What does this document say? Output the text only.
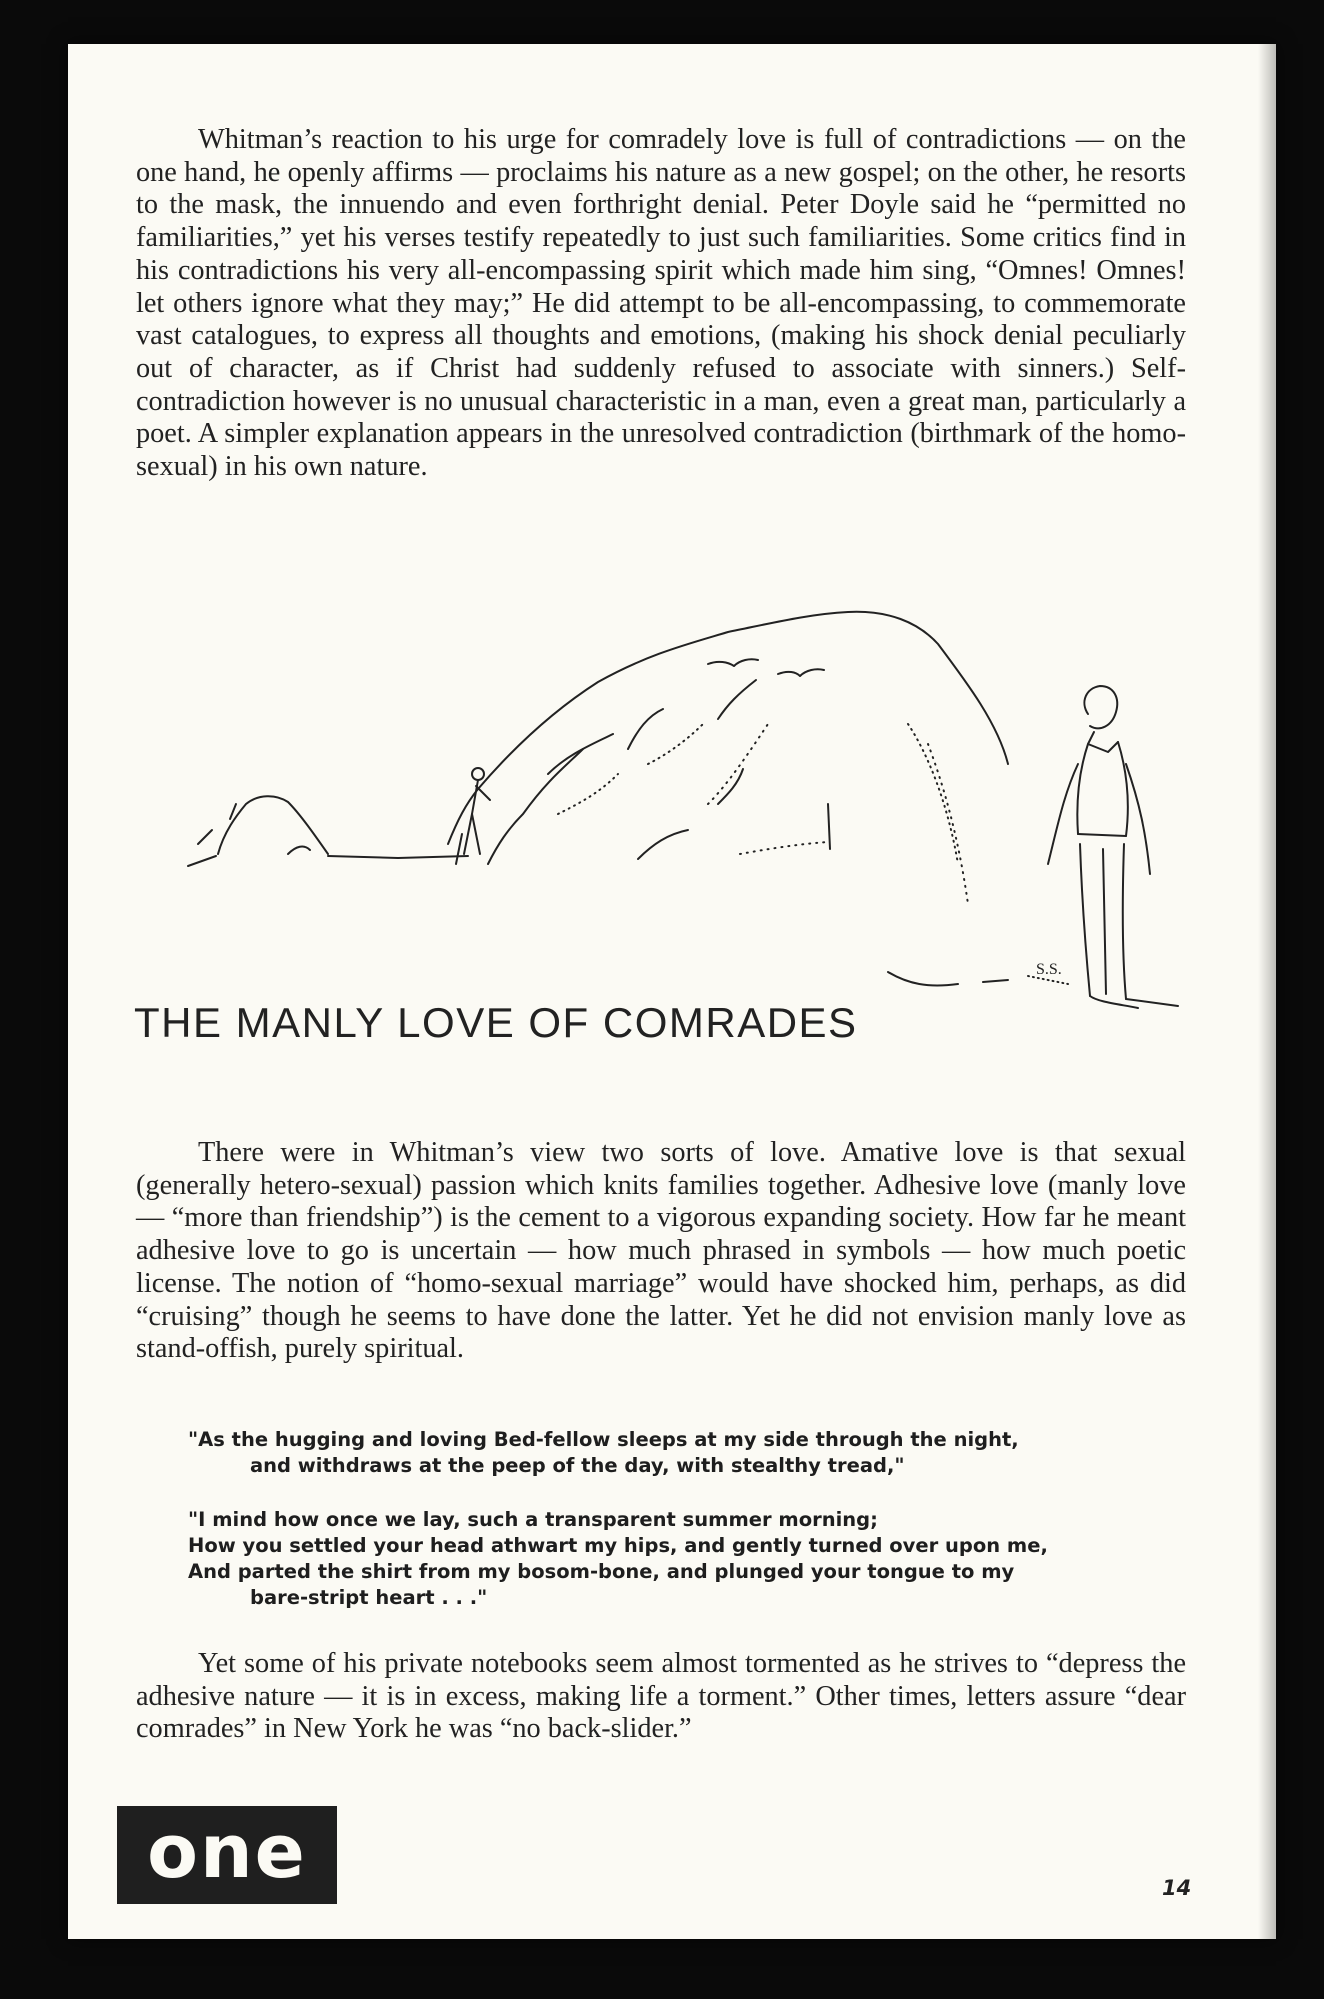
Whitman’s reaction to his urge for comradely love is full of contradictions — on the one hand, he openly affirms — proclaims his nature as a new gospel; on the other, he resorts to the mask, the innuendo and even forthright denial. Peter Doyle said he “permitted no familiarities,” yet his verses testify repeatedly to just such familiarities. Some critics find in his contradictions his very all-encompassing spirit which made him sing, “Omnes! Omnes! let others ignore what they may;” He did attempt to be all-encompassing, to commemorate vast catalogues, to express all thoughts and emotions, (making his shock denial peculiarly out of character, as if Christ had suddenly refused to associate with sinners.) Self-contradiction however is no unusual characteristic in a man, even a great man, particularly a poet. A simpler explanation appears in the unresolved contradiction (birthmark of the homo-sexual) in his own nature.

S.S.
THE MANLY LOVE OF COMRADES

There were in Whitman’s view two sorts of love. Amative love is that sexual (generally hetero-sexual) passion which knits families together. Adhesive love (manly love — “more than friendship”) is the cement to a vigorous expanding society. How far he meant adhesive love to go is uncertain — how much phrased in symbols — how much poetic license. The notion of “homo-sexual marriage” would have shocked him, perhaps, as did “cruising” though he seems to have done the latter. Yet he did not envision manly love as stand-offish, purely spiritual.

"As the hugging and loving Bed-fellow sleeps at my side through the night,
and withdraws at the peep of the day, with stealthy tread,"
"I mind how once we lay, such a transparent summer morning;
How you settled your head athwart my hips, and gently turned over upon me,
And parted the shirt from my bosom-bone, and plunged your tongue to my
bare-stript heart . . ."

Yet some of his private notebooks seem almost tormented as he strives to “depress the adhesive nature — it is in excess, making life a torment.” Other times, letters assure “dear comrades” in New York he was “no back-slider.”

one	14
